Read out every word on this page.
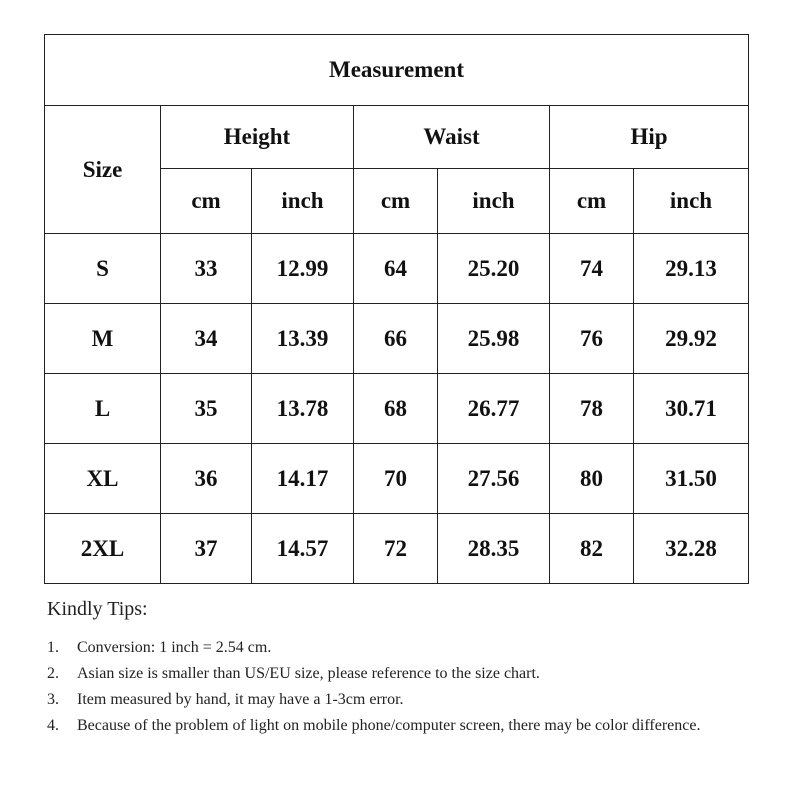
Measurement						
Size	Height		Waist		Hip	
	cm	inch	cm	inch	cm	inch
S	33	12.99	64	25.20	74	29.13
M	34	13.39	66	25.98	76	29.92
L	35	13.78	68	26.77	78	30.71
XL	36	14.17	70	27.56	80	31.50
2XL	37	14.57	72	28.35	82	32.28
Kindly Tips:
1.	Conversion: 1 inch = 2.54 cm.
2.	Asian size is smaller than US/EU size, please reference to the size chart.
3.	Item measured by hand, it may have a 1-3cm error.
4.	Because of the problem of light on mobile phone/computer screen, there may be color difference.
